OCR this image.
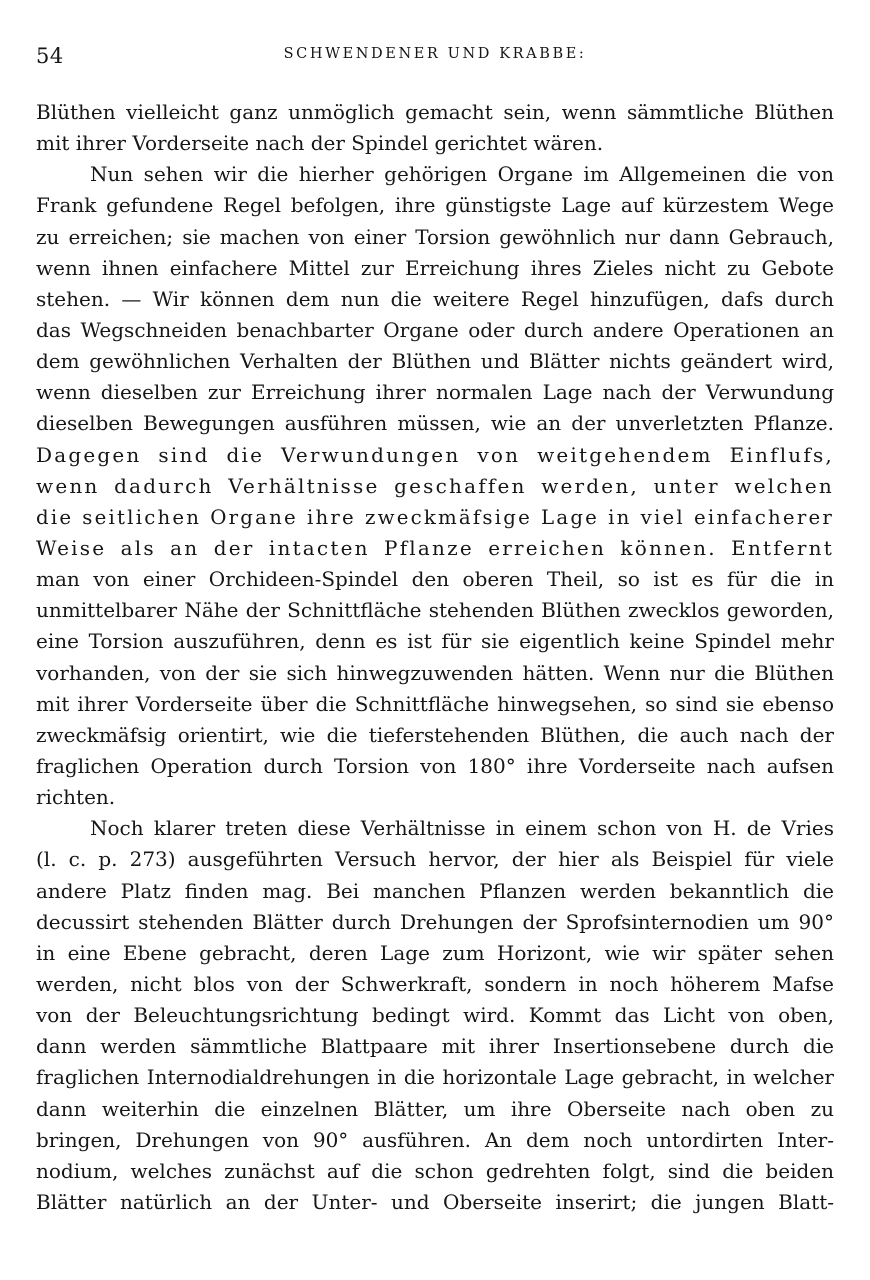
54	SCHWENDENER UND KRABBE:
Blüthen vielleicht ganz unmöglich gemacht sein, wenn sämmtliche Blüthen
mit ihrer Vorderseite nach der Spindel gerichtet wären.
Nun sehen wir die hierher gehörigen Organe im Allgemeinen die von
Frank gefundene Regel befolgen, ihre günstigste Lage auf kürzestem Wege
zu erreichen; sie machen von einer Torsion gewöhnlich nur dann Gebrauch,
wenn ihnen einfachere Mittel zur Erreichung ihres Zieles nicht zu Gebote
stehen. — Wir können dem nun die weitere Regel hinzufügen, dafs durch
das Wegschneiden benachbarter Organe oder durch andere Operationen an
dem gewöhnlichen Verhalten der Blüthen und Blätter nichts geändert wird,
wenn dieselben zur Erreichung ihrer normalen Lage nach der Verwundung
dieselben Bewegungen ausführen müssen, wie an der unverletzten Pflanze.
Dagegen sind die Verwundungen von weitgehendem Einflufs,
wenn dadurch Verhältnisse geschaffen werden, unter welchen
die seitlichen Organe ihre zweckmäfsige Lage in viel einfacherer
Weise als an der intacten Pflanze erreichen können. Entfernt
man von einer Orchideen-Spindel den oberen Theil, so ist es für die in
unmittelbarer Nähe der Schnittfläche stehenden Blüthen zwecklos geworden,
eine Torsion auszuführen, denn es ist für sie eigentlich keine Spindel mehr
vorhanden, von der sie sich hinwegzuwenden hätten. Wenn nur die Blüthen
mit ihrer Vorderseite über die Schnittfläche hinwegsehen, so sind sie ebenso
zweckmäfsig orientirt, wie die tieferstehenden Blüthen, die auch nach der
fraglichen Operation durch Torsion von 180° ihre Vorderseite nach aufsen
richten.
Noch klarer treten diese Verhältnisse in einem schon von H. de Vries
(l. c. p. 273) ausgeführten Versuch hervor, der hier als Beispiel für viele
andere Platz finden mag. Bei manchen Pflanzen werden bekanntlich die
decussirt stehenden Blätter durch Drehungen der Sprofsinternodien um 90°
in eine Ebene gebracht, deren Lage zum Horizont, wie wir später sehen
werden, nicht blos von der Schwerkraft, sondern in noch höherem Mafse
von der Beleuchtungsrichtung bedingt wird. Kommt das Licht von oben,
dann werden sämmtliche Blattpaare mit ihrer Insertionsebene durch die
fraglichen Internodialdrehungen in die horizontale Lage gebracht, in welcher
dann weiterhin die einzelnen Blätter, um ihre Oberseite nach oben zu
bringen, Drehungen von 90° ausführen. An dem noch untordirten Inter-
nodium, welches zunächst auf die schon gedrehten folgt, sind die beiden
Blätter natürlich an der Unter- und Oberseite inserirt; die jungen Blatt-
